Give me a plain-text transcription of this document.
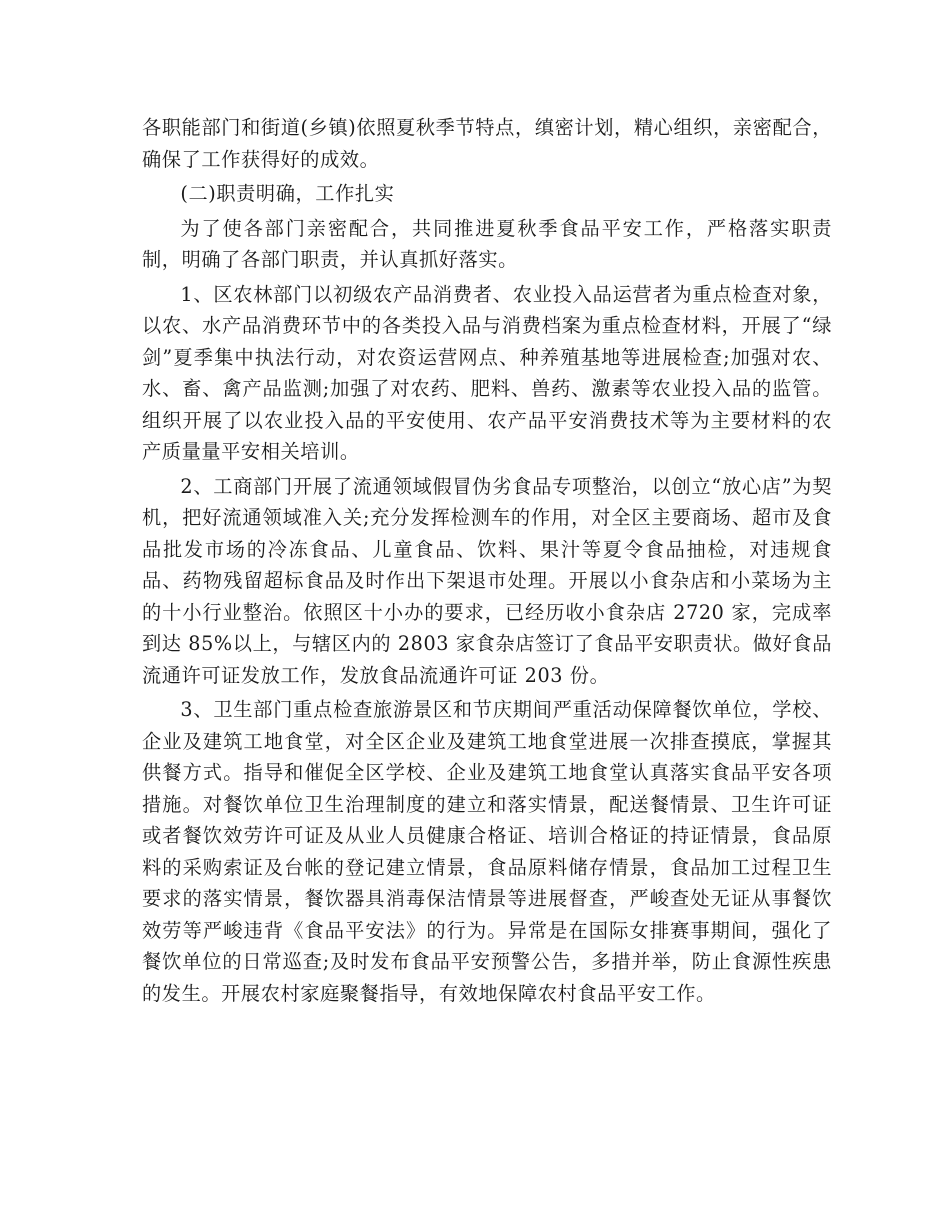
各职能部门和街道(乡镇)依照夏秋季节特点，缜密计划，精心组织，亲密配合，确保了工作获得好的成效。

(二)职责明确，工作扎实

为了使各部门亲密配合，共同推进夏秋季食品平安工作，严格落实职责制，明确了各部门职责，并认真抓好落实。

1、区农林部门以初级农产品消费者、农业投入品运营者为重点检查对象，以农、水产品消费环节中的各类投入品与消费档案为重点检查材料，开展了“绿剑”夏季集中执法行动，对农资运营网点、种养殖基地等进展检查;加强对农、水、畜、禽产品监测;加强了对农药、肥料、兽药、激素等农业投入品的监管。组织开展了以农业投入品的平安使用、农产品平安消费技术等为主要材料的农产质量量平安相关培训。

2、工商部门开展了流通领域假冒伪劣食品专项整治，以创立“放心店”为契机，把好流通领域准入关;充分发挥检测车的作用，对全区主要商场、超市及食品批发市场的冷冻食品、儿童食品、饮料、果汁等夏令食品抽检，对违规食品、药物残留超标食品及时作出下架退市处理。开展以小食杂店和小菜场为主的十小行业整治。依照区十小办的要求，已经历收小食杂店 2720 家，完成率到达 85%以上，与辖区内的 2803 家食杂店签订了食品平安职责状。做好食品流通许可证发放工作，发放食品流通许可证 203 份。

3、卫生部门重点检查旅游景区和节庆期间严重活动保障餐饮单位，学校、企业及建筑工地食堂，对全区企业及建筑工地食堂进展一次排查摸底，掌握其供餐方式。指导和催促全区学校、企业及建筑工地食堂认真落实食品平安各项措施。对餐饮单位卫生治理制度的建立和落实情景，配送餐情景、卫生许可证或者餐饮效劳许可证及从业人员健康合格证、培训合格证的持证情景，食品原料的采购索证及台帐的登记建立情景，食品原料储存情景，食品加工过程卫生要求的落实情景，餐饮器具消毒保洁情景等进展督查，严峻查处无证从事餐饮效劳等严峻违背《食品平安法》的行为。异常是在国际女排赛事期间，强化了餐饮单位的日常巡查;及时发布食品平安预警公告，多措并举，防止食源性疾患的发生。开展农村家庭聚餐指导，有效地保障农村食品平安工作。
